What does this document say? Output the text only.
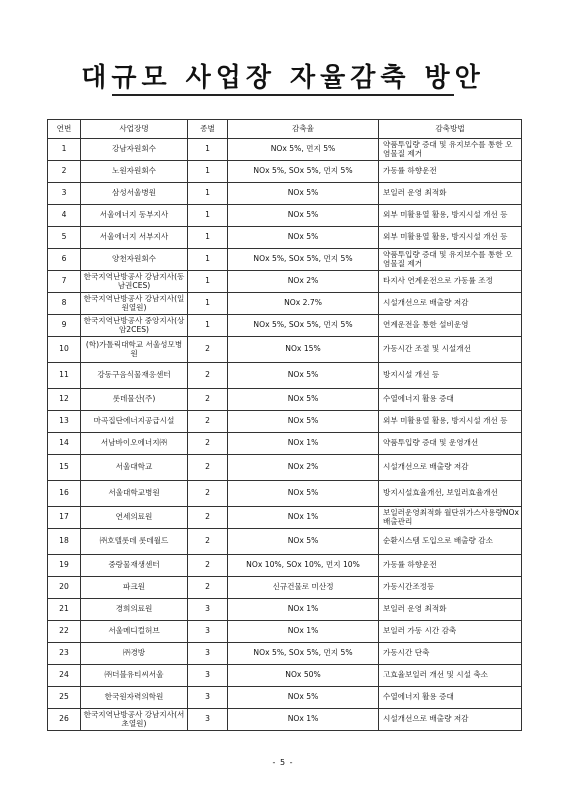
대규모 사업장 자율감축 방안
연번	사업장명	종별	감축율	감축방법
1	강남자원회수	1	NOx 5%, 먼지 5%	약품투입량 증대 및 유지보수를 통한 오염물질 제거
2	노원자원회수	1	NOx 5%, SOx 5%, 먼지 5%	가동률 하향운전
3	삼성서울병원	1	NOx 5%	보일러 운영 최적화
4	서울에너지 동부지사	1	NOx 5%	외부 미활용열 활용, 방지시설 개선 등
5	서울에너지 서부지사	1	NOx 5%	외부 미활용열 활용, 방지시설 개선 등
6	양천자원회수	1	NOx 5%, SOx 5%, 먼지 5%	약품투입량 증대 및 유지보수를 통한 오염물질 제거
7	한국지역난방공사 강남지사(동남권CES)	1	NOx 2%	타지사 연계운전으로 가동률 조정
8	한국지역난방공사 강남지사(일원열원)	1	NOx 2.7%	시설개선으로 배출량 저감
9	한국지역난방공사 중앙지사(상암2CES)	1	NOx 5%, SOx 5%, 먼지 5%	연계운전을 통한 설비운영
10	(학)가톨릭대학교 서울성모병원	2	NOx 15%	가동시간 조절 및 시설개선
11	강동구음식물재응센터	2	NOx 5%	방지시설 개선 등
12	롯데물산(주)	2	NOx 5%	수열에너지 활용 증대
13	마곡집단에너지공급시설	2	NOx 5%	외부 미활용열 활용, 방지시설 개선 등
14	서남바이오에너지㈜	2	NOx 1%	약품투입량 증대 및 운영개선
15	서울대학교	2	NOx 2%	시설개선으로 배출량 저감
16	서울대학교병원	2	NOx 5%	방지시설효율개선, 보일러효율개선
17	연세의료원	2	NOx 1%	보일러운영최적화 월단위가스사용량NOx배출관리
18	㈜호텔롯데 롯데월드	2	NOx 5%	순환시스템 도입으로 배출량 감소
19	중랑물재생센터	2	NOx 10%, SOx 10%, 먼지 10%	가동률 하향운전
20	파크원	2	신규건물로 미산정	가동시간조정등
21	경희의료원	3	NOx 1%	보일러 운영 최적화
22	서울메디컬허브	3	NOx 1%	보일러 가동 시간 감축
23	㈜경방	3	NOx 5%, SOx 5%, 먼지 5%	가동시간 단축
24	㈜더블유티씨서울	3	NOx 50%	고효율보일러 개선 및 시설 축소
25	한국원자력의학원	3	NOx 5%	수열에너지 활용 증대
26	한국지역난방공사 강남지사(서초열원)	3	NOx 1%	시설개선으로 배출량 저감
- 5 -
